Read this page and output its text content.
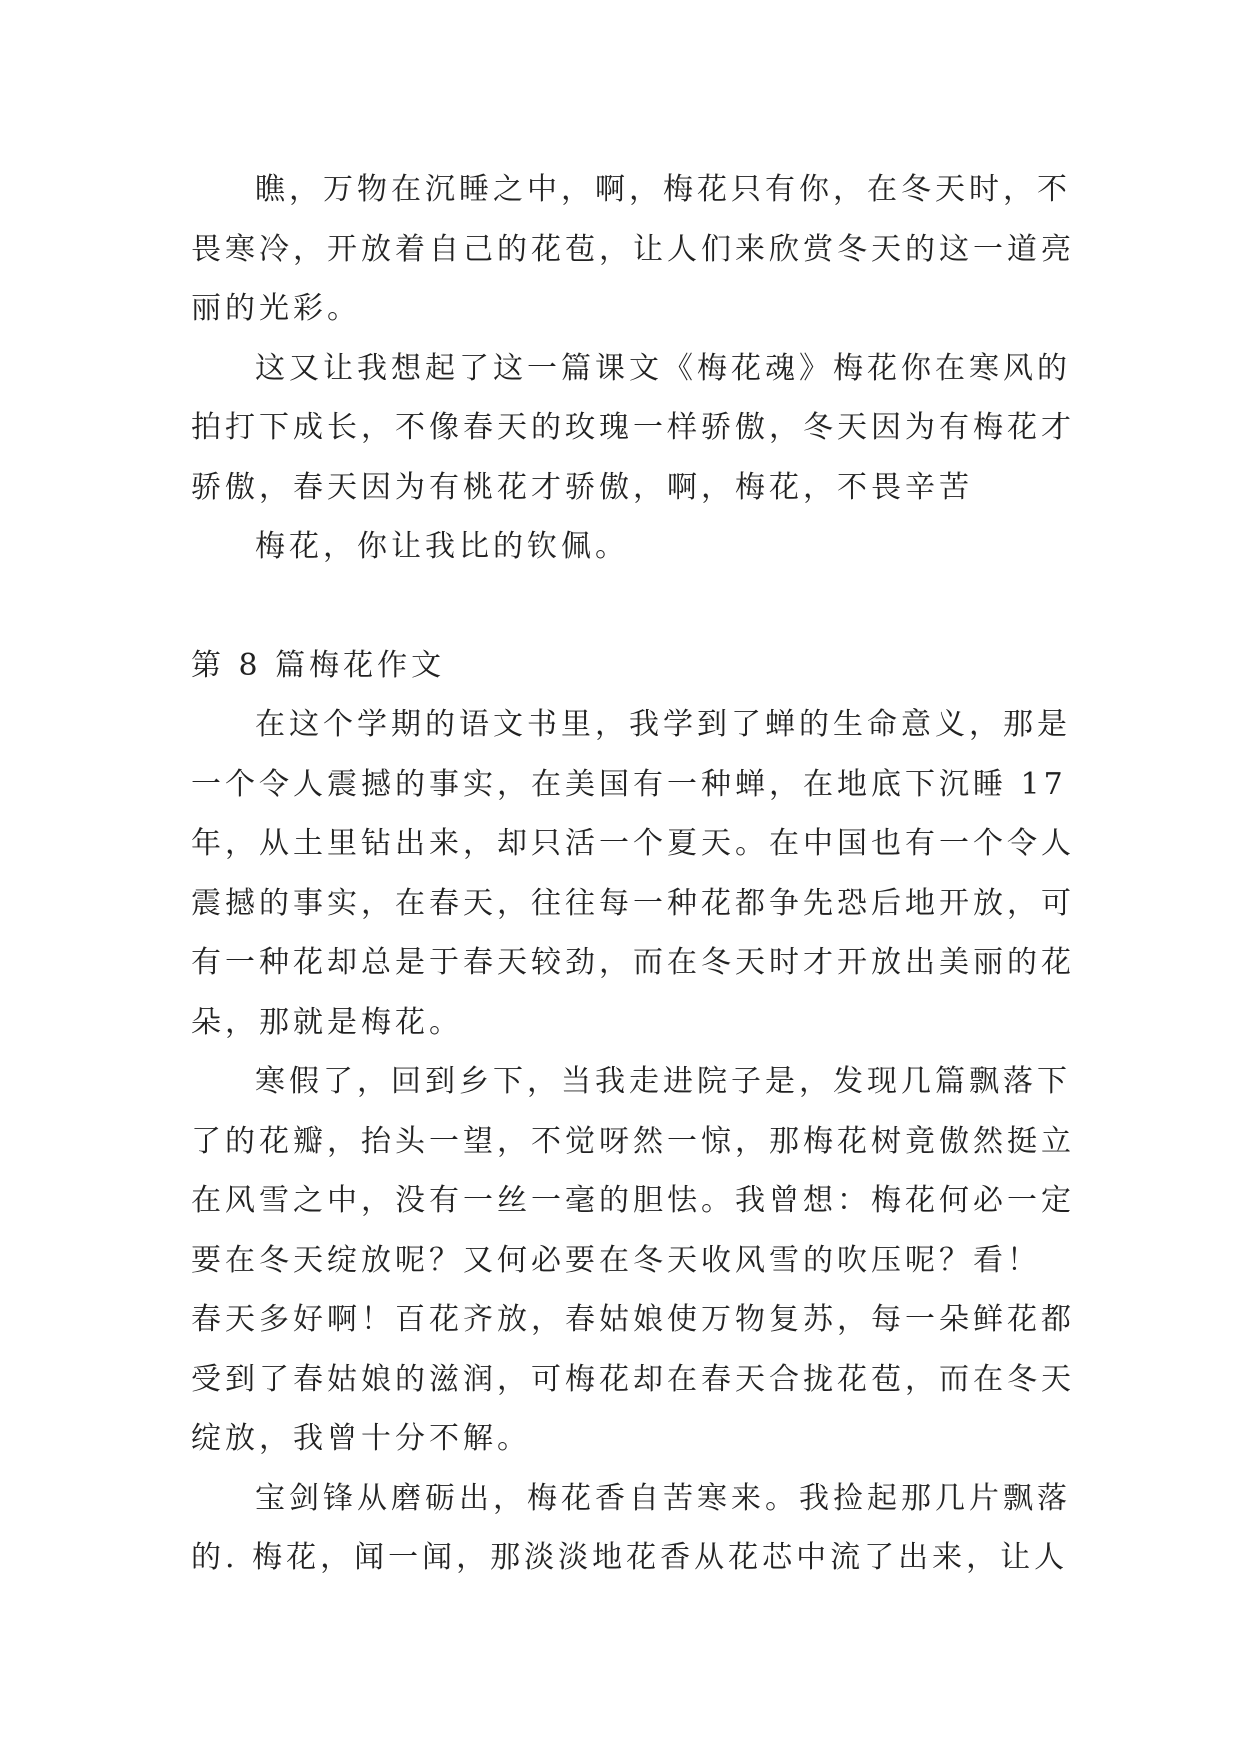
瞧，万物在沉睡之中，啊，梅花只有你，在冬天时，不
畏寒冷，开放着自己的花苞，让人们来欣赏冬天的这一道亮
丽的光彩。

这又让我想起了这一篇课文《梅花魂》梅花你在寒风的
拍打下成长，不像春天的玫瑰一样骄傲，冬天因为有梅花才
骄傲，春天因为有桃花才骄傲，啊，梅花，不畏辛苦

梅花，你让我比的钦佩。

第 8 篇梅花作文

在这个学期的语文书里，我学到了蝉的生命意义，那是
一个令人震撼的事实，在美国有一种蝉，在地底下沉睡 17
年，从土里钻出来，却只活一个夏天。在中国也有一个令人
震撼的事实，在春天，往往每一种花都争先恐后地开放，可
有一种花却总是于春天较劲，而在冬天时才开放出美丽的花
朵，那就是梅花。

寒假了，回到乡下，当我走进院子是，发现几篇飘落下
了的花瓣，抬头一望，不觉呀然一惊，那梅花树竟傲然挺立
在风雪之中，没有一丝一毫的胆怯。我曾想：梅花何必一定
要在冬天绽放呢？又何必要在冬天收风雪的吹压呢？看！
春天多好啊！百花齐放，春姑娘使万物复苏，每一朵鲜花都
受到了春姑娘的滋润，可梅花却在春天合拢花苞，而在冬天
绽放，我曾十分不解。

宝剑锋从磨砺出，梅花香自苦寒来。我捡起那几片飘落
的. 梅花，闻一闻，那淡淡地花香从花芯中流了出来，让人
